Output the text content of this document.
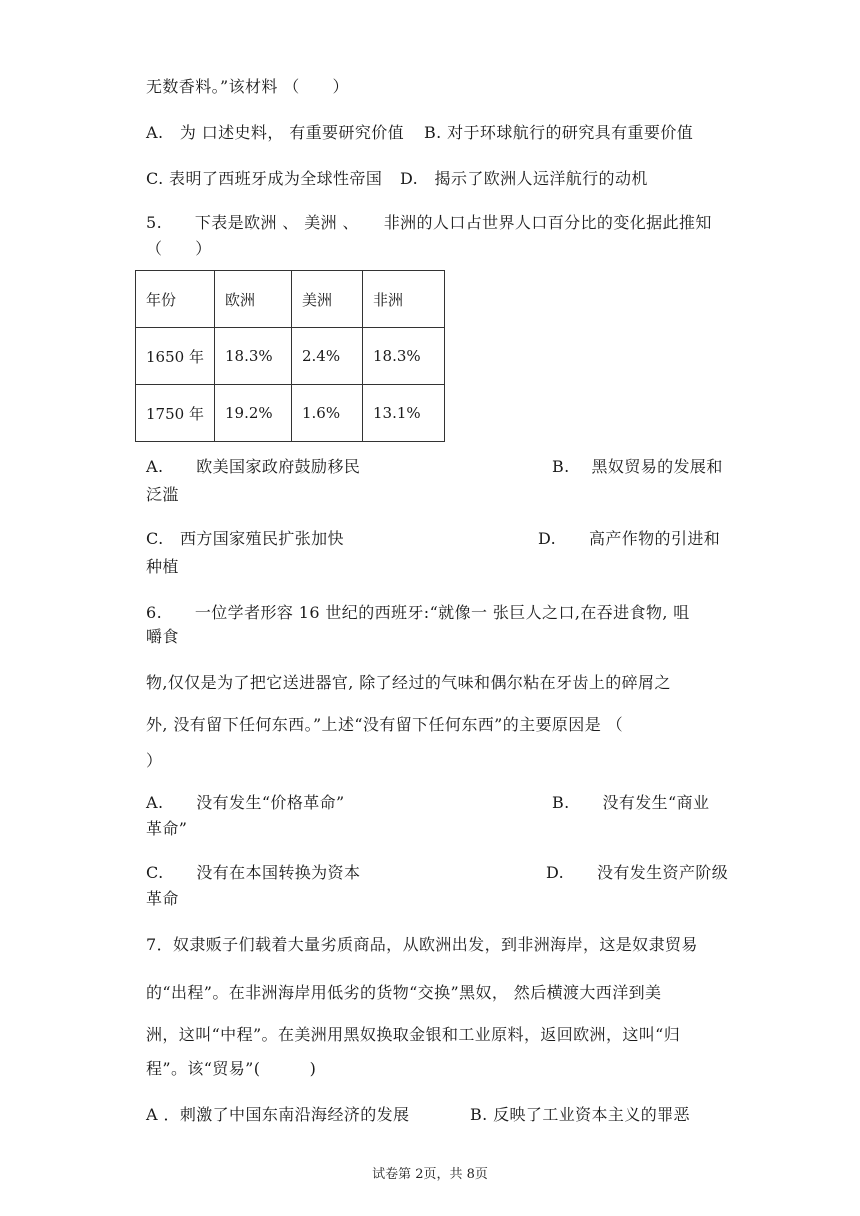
无数香料。”该材料 （　　）
A.　为 口述史料， 有重要研究价值 B. 对于环球航行的研究具有重要价值
C. 表明了西班牙成为全球性帝国 D.　揭示了欧洲人远洋航行的动机
5.　　下表是欧洲 、 美洲 、　　非洲的人口占世界人口百分比的变化据此推知
（　　）
年份	欧洲	美洲	非洲
1650 年	18.3%	2.4%	18.3%
1750 年	19.2%	1.6%	13.1%
A.　　欧美国家政府鼓励移民	B.　 黑奴贸易的发展和
泛滥
C.　西方国家殖民扩张加快	D.　　高产作物的引进和
种植
6.　　一位学者形容 16 世纪的西班牙:“就像一 张巨人之口,在吞进食物, 咀
嚼食
物,仅仅是为了把它送进器官, 除了经过的气味和偶尔粘在牙齿上的碎屑之
外, 没有留下任何东西。”上述“没有留下任何东西”的主要原因是 （
）
A.　　没有发生“价格革命”	B.　　没有发生“商业
革命”
C.　　没有在本国转换为资本	D.　　没有发生资产阶级
革命
7．奴隶贩子们载着大量劣质商品，从欧洲出发，到非洲海岸，这是奴隶贸易
的“出程”。在非洲海岸用低劣的货物“交换”黑奴， 然后横渡大西洋到美
洲，这叫“中程”。在美洲用黑奴换取金银和工业原料，返回欧洲，这叫“归
程”。该“贸易”(　　　)
A ．刺激了中国东南沿海经济的发展	B. 反映了工业资本主义的罪恶
试卷第 2页，共 8页
